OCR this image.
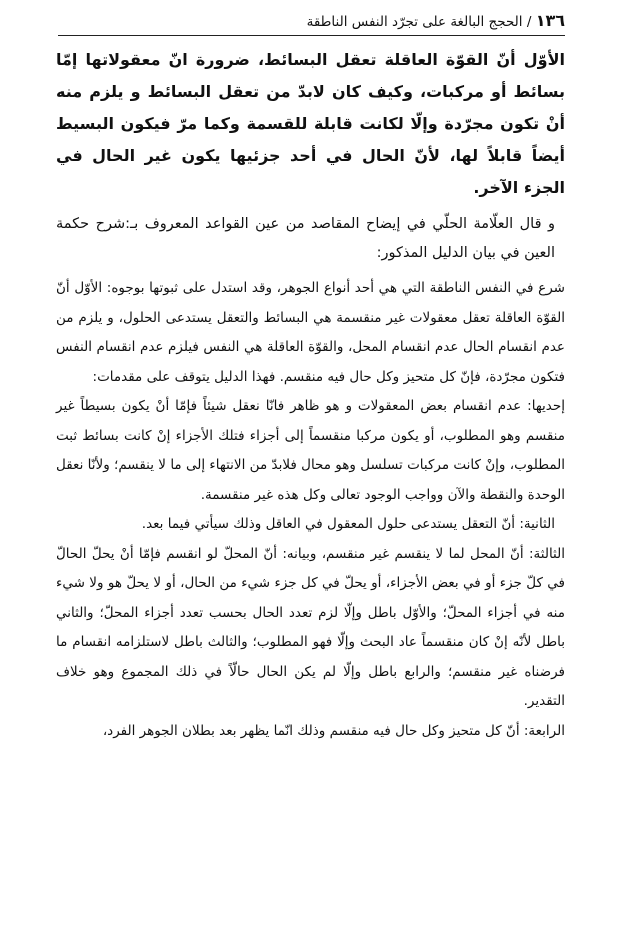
١٣٦ / الحجج البالغة على تجرّد النفس الناطقة

الأوّل أنّ القوّة العاقلة تعقل البسائط، ضرورة انّ معقولاتها إمّا بسائط أو مركبات، وكيف كان لابدّ من تعقل البسائط و يلزم منه أنْ تكون مجرّدة وإلّا لكانت قابلة للقسمة وكما مرّ فيكون البسيط أيضاً قابلاً لها، لأنّ الحال في أحد جزئيها يكون غير الحال في الجزء الآخر.

و قال العلّامة الحلّي في إيضاح المقاصد من عين القواعد المعروف بـ:شرح حكمة العين في بيان الدليل المذكور:

شرع في النفس الناطقة التي هي أحد أنواع الجوهر، وقد استدل على ثبوتها بوجوه: الأوّل أنّ القوّة العاقلة تعقل معقولات غير منقسمة هي البسائط والتعقل يستدعى الحلول، و يلزم من عدم انقسام الحال عدم انقسام المحل، والقوّة العاقلة هي النفس فيلزم عدم انقسام النفس فتكون مجرّدة، فإنّ كل متحيز وكل حال فيه منقسم. فهذا الدليل يتوقف على مقدمات:

إحديها: عدم انقسام بعض المعقولات و هو ظاهر فانّا نعقل شيئاً فإمّا أنْ يكون بسيطاً غير منقسم وهو المطلوب، أو يكون مركبا منقسماً إلى أجزاء فتلك الأجزاء إنْ كانت بسائط ثبت المطلوب، وإنْ كانت مركبات تسلسل وهو محال فلابدّ من الانتهاء إلى ما لا ينقسم؛ ولأنّا نعقل الوحدة والنقطة والآن وواجب الوجود تعالى وكل هذه غير منقسمة.

الثانية: أنّ التعقل يستدعى حلول المعقول في العاقل وذلك سيأتي فيما بعد.

الثالثة: أنّ المحل لما لا ينقسم غير منقسم، وبيانه: أنّ المحلّ لو انقسم فإمّا أنْ يحلّ الحالّ في كلّ جزء أو في بعض الأجزاء، أو يحلّ في كل جزء شيء من الحال، أو لا يحلّ هو ولا شيء منه في أجزاء المحلّ؛ والأوّل باطل وإلّا لزم تعدد الحال بحسب تعدد أجزاء المحلّ؛ والثاني باطل لأنّه إنْ كان منقسماً عاد البحث وإلّا فهو المطلوب؛ والثالث باطل لاستلزامه انقسام ما فرضناه غير منقسم؛ والرابع باطل وإلّا لم يكن الحال حالّاً في ذلك المجموع وهو خلاف التقدير.

الرابعة: أنّ كل متحيز وكل حال فيه منقسم وذلك انّما يظهر بعد بطلان الجوهر الفرد،
